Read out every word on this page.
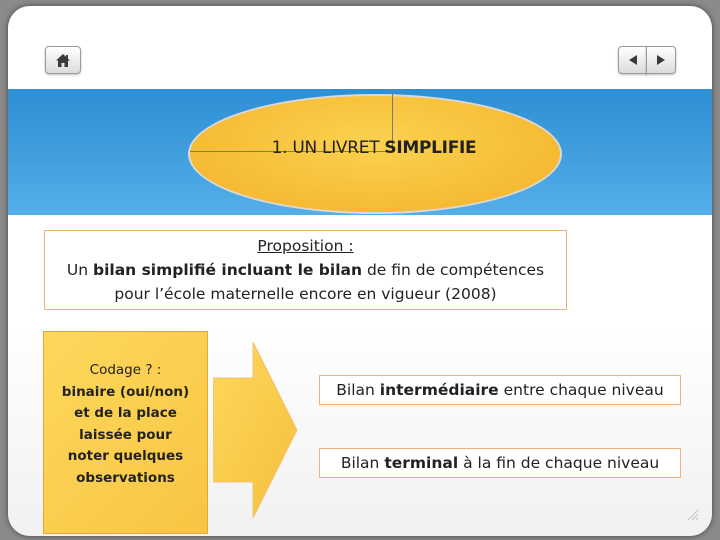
1. UN LIVRET SIMPLIFIE
Proposition :
Un bilan simplifié incluant le bilan de fin de compétences
pour l’école maternelle encore en vigueur (2008)
Codage ? :
binaire (oui/non)
et de la place
laissée pour
noter quelques
observations
Bilan intermédiaire entre chaque niveau
Bilan terminal à la fin de chaque niveau
